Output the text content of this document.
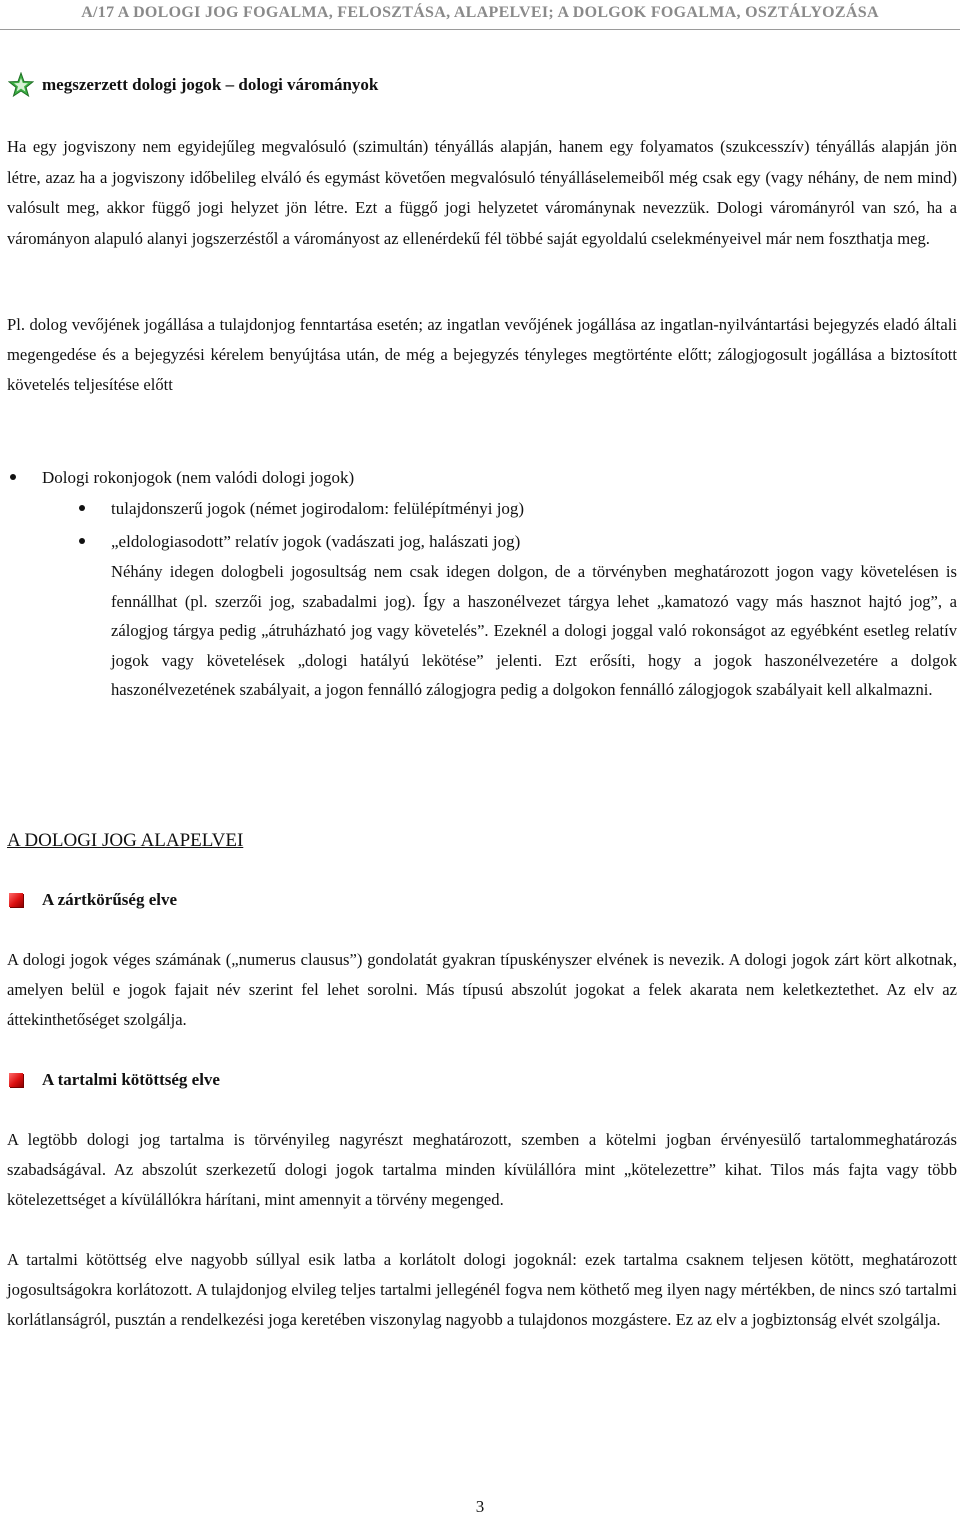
A/17 A DOLOGI JOG FOGALMA, FELOSZTÁSA, ALAPELVEI; A DOLGOK FOGALMA, OSZTÁLYOZÁSA
megszerzett dologi jogok – dologi várományok
Ha egy jogviszony nem egyidejűleg megvalósuló (szimultán) tényállás alapján, hanem egy folyamatos (szukcesszív) tényállás alapján jön létre, azaz ha a jogviszony időbelileg elváló és egymást követően megvalósuló tényálláselemeiből még csak egy (vagy néhány, de nem mind) valósult meg, akkor függő jogi helyzet jön létre. Ezt a függő jogi helyzetet várománynak nevezzük. Dologi várományról van szó, ha a várományon alapuló alanyi jogszerzéstől a várományost az ellenérdekű fél többé saját egyoldalú cselekményeivel már nem foszthatja meg.
Pl. dolog vevőjének jogállása a tulajdonjog fenntartása esetén; az ingatlan vevőjének jogállása az ingatlan-nyilvántartási bejegyzés eladó általi megengedése és a bejegyzési kérelem benyújtása után, de még a bejegyzés tényleges megtörténte előtt; zálogjogosult jogállása a biztosított követelés teljesítése előtt
Dologi rokonjogok (nem valódi dologi jogok)
tulajdonszerű jogok (német jogirodalom: felülépítményi jog)
„eldologiasodott” relatív jogok (vadászati jog, halászati jog)
Néhány idegen dologbeli jogosultság nem csak idegen dolgon, de a törvényben meghatározott jogon vagy követelésen is fennállhat (pl. szerzői jog, szabadalmi jog). Így a haszonélvezet tárgya lehet „kamatozó vagy más hasznot hajtó jog”, a zálogjog tárgya pedig „átruházható jog vagy követelés”. Ezeknél a dologi joggal való rokonságot az egyébként esetleg relatív jogok vagy követelések „dologi hatályú lekötése” jelenti. Ezt erősíti, hogy a jogok haszonélvezetére a dolgok haszonélvezetének szabályait, a jogon fennálló zálogjogra pedig a dolgokon fennálló zálogjogok szabályait kell alkalmazni.
A DOLOGI JOG ALAPELVEI
A zártkörűség elve
A dologi jogok véges számának („numerus clausus”) gondolatát gyakran típuskényszer elvének is nevezik. A dologi jogok zárt kört alkotnak, amelyen belül e jogok fajait név szerint fel lehet sorolni. Más típusú abszolút jogokat a felek akarata nem keletkeztethet. Az elv az áttekinthetőséget szolgálja.
A tartalmi kötöttség elve
A legtöbb dologi jog tartalma is törvényileg nagyrészt meghatározott, szemben a kötelmi jogban érvényesülő tartalommeghatározás szabadságával. Az abszolút szerkezetű dologi jogok tartalma minden kívülállóra mint „kötelezettre” kihat. Tilos más fajta vagy több kötelezettséget a kívülállókra hárítani, mint amennyit a törvény megenged.
A tartalmi kötöttség elve nagyobb súllyal esik latba a korlátolt dologi jogoknál: ezek tartalma csaknem teljesen kötött, meghatározott jogosultságokra korlátozott. A tulajdonjog elvileg teljes tartalmi jellegénél fogva nem köthető meg ilyen nagy mértékben, de nincs szó tartalmi korlátlanságról, pusztán a rendelkezési joga keretében viszonylag nagyobb a tulajdonos mozgástere. Ez az elv a jogbiztonság elvét szolgálja.
3
